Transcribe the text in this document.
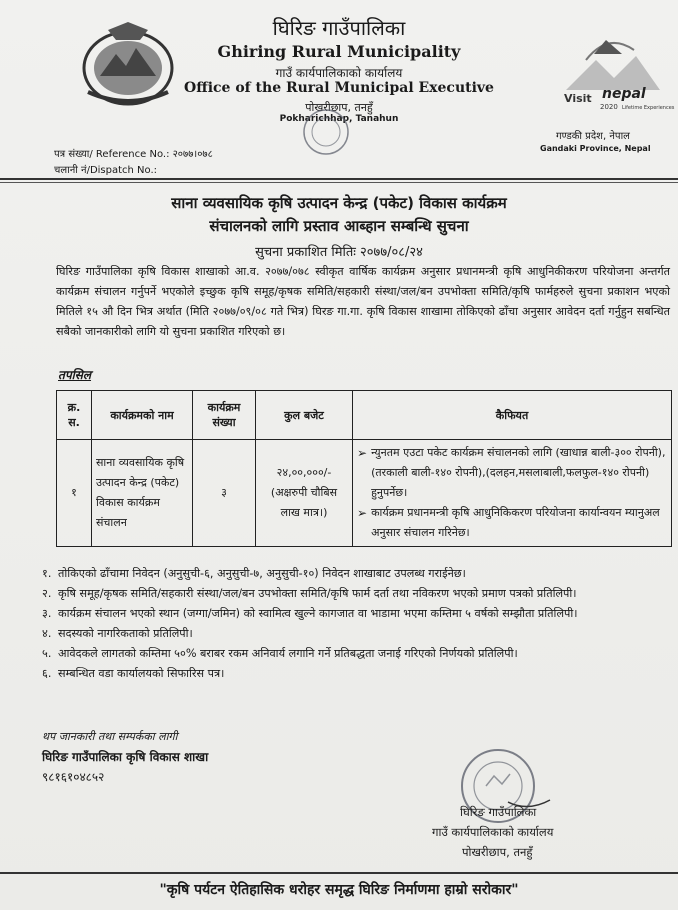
घिरिङ गाउँपालिका
Ghiring Rural Municipality
गाउँ कार्यपालिकाको कार्यालय
Office of the Rural Municipal Executive
पोखरीछाप, तनहुँ
Pokharichhap, Tanahun
Visit nepal
2020 Lifetime Experiences
गण्डकी प्रदेश, नेपाल
Gandaki Province, Nepal
पत्र संख्या/ Reference No.: २०७७।०७८
चलानी नं/Dispatch No.:
साना व्यवसायिक कृषि उत्पादन केन्द्र (पकेट) विकास कार्यक्रम
संचालनको लागि प्रस्ताव आब्हान सम्बन्धि सुचना
सुचना प्रकाशित मितिः २०७७/०८/२४
घिरिङ गाउँपालिका कृषि विकास शाखाको आ.व. २०७७/०७८ स्वीकृत वार्षिक कार्यक्रम अनुसार प्रधानमन्त्री कृषि आधुनिकीकरण परियोजना अन्तर्गत कार्यक्रम संचालन गर्नुपर्ने भएकोले इच्छुक कृषि समूह/कृषक समिति/सहकारी संस्था/जल/बन उपभोक्ता समिति/कृषि फार्महरुले सुचना प्रकाशन भएको मितिले १५ औ दिन भित्र अर्थात (मिति २०७७/०९/०८ गते भित्र) घिरङ गा.गा. कृषि विकास शाखामा तोकिएको ढाँचा अनुसार आवेदन दर्ता गर्नुहुन सबन्धित सबैको जानकारीको लागि यो सुचना प्रकाशित गरिएको छ।
तपसिल
क्र. स.	कार्यक्रमको नाम	कार्यक्रम संख्या	कुल बजेट	कैफियत
१	साना व्यवसायिक कृषि उत्पादन केन्द्र (पकेट) विकास कार्यक्रम संचालन	३	२४,००,०००/- (अक्षरुपी चौबिस लाख मात्र।)	➢ न्युनतम एउटा पकेट कार्यक्रम संचालनको लागि (खाधान्न बाली-३०० रोपनी), (तरकाली बाली-१४० रोपनी),(दलहन,मसलाबाली,फलफुल-१४० रोपनी) हुनुपर्नेछ।
➢ कार्यक्रम प्रधानमन्त्री कृषि आधुनिकिकरण परियोजना कार्यान्वयन म्यानुअल अनुसार संचालन गरिनेछ।
१. तोकिएको ढाँचामा निवेदन (अनुसुची-६, अनुसुची-७, अनुसुची-१०) निवेदन शाखाबाट उपलब्ध गराईनेछ।
२. कृषि समूह/कृषक समिति/सहकारी संस्था/जल/बन उपभोक्ता समिति/कृषि फार्म दर्ता तथा नविकरण भएको प्रमाण पत्रको प्रतिलिपी।
३. कार्यक्रम संचालन भएको स्थान (जग्गा/जमिन) को स्वामित्व खुल्ने कागजात वा भाडामा भएमा कम्तिमा ५ वर्षको सम्झौता प्रतिलिपी।
४. सदस्यको नागरिकताको प्रतिलिपी।
५. आवेदकले लागतको कम्तिमा ५०% बराबर रकम अनिवार्य लगानि गर्ने प्रतिबद्धता जनाई गरिएको निर्णयको प्रतिलिपी।
६. सम्बन्धित वडा कार्यालयको सिफारिस पत्र।
थप जानकारी तथा सम्पर्कका लागी
घिरिङ गाउँपालिका कृषि विकास शाखा
९८१६१०४८५२
घिरिङ गाउँपालिका
गाउँ कार्यपालिकाको कार्यालय
पोखरीछाप, तनहुँ
"कृषि पर्यटन ऐतिहासिक धरोहर समृद्ध घिरिङ निर्माणमा हाम्रो सरोकार"
